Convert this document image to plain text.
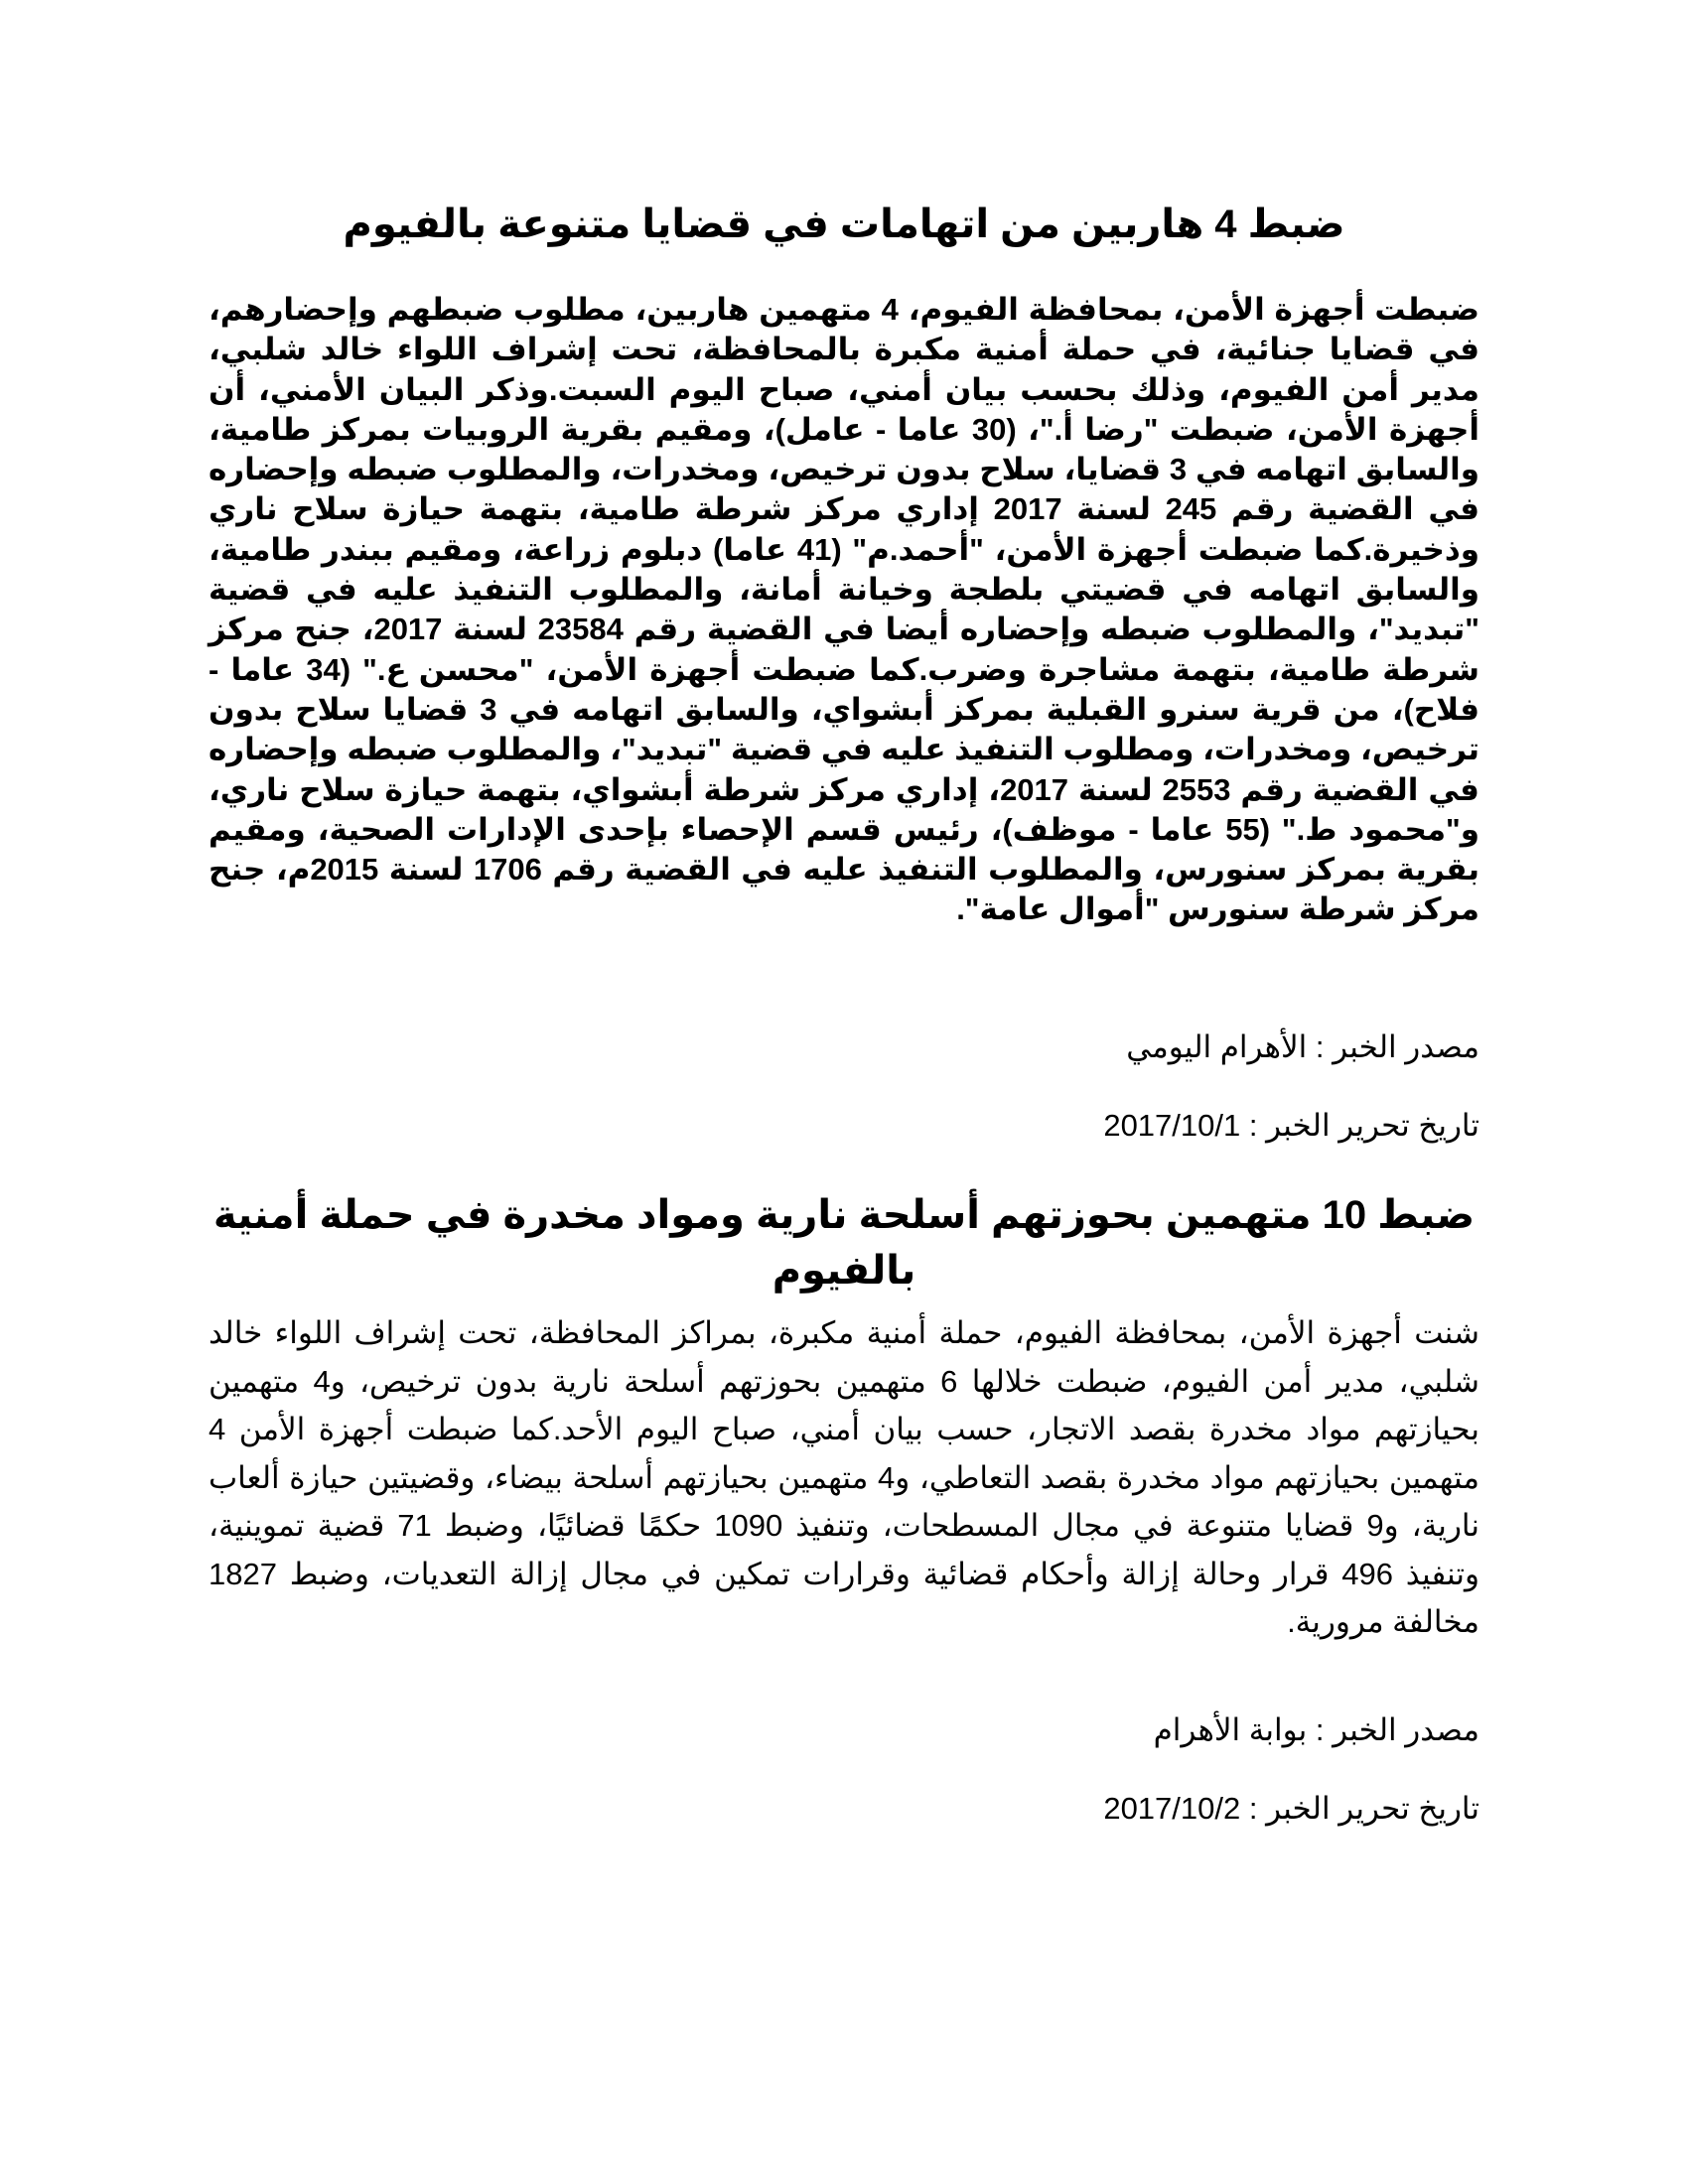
ضبط 4 هاربين من اتهامات في قضايا متنوعة بالفيوم

ضبطت أجهزة الأمن، بمحافظة الفيوم، 4 متهمين هاربين، مطلوب ضبطهم وإحضارهم، في قضايا جنائية، في حملة أمنية مكبرة بالمحافظة، تحت إشراف اللواء خالد شلبي، مدير أمن الفيوم، وذلك بحسب بيان أمني، صباح اليوم السبت.وذكر البيان الأمني، أن أجهزة الأمن، ضبطت "رضا أ."، (30 عاما - عامل)، ومقيم بقرية الروبيات بمركز طامية، والسابق اتهامه في 3 قضايا، سلاح بدون ترخيص، ومخدرات، والمطلوب ضبطه وإحضاره في القضية رقم 245 لسنة 2017 إداري مركز شرطة طامية، بتهمة حيازة سلاح ناري وذخيرة.كما ضبطت أجهزة الأمن، "أحمد.م" (41 عاما) دبلوم زراعة، ومقيم ببندر طامية، والسابق اتهامه في قضيتي بلطجة وخيانة أمانة، والمطلوب التنفيذ عليه في قضية "تبديد"، والمطلوب ضبطه وإحضاره أيضا في القضية رقم 23584 لسنة 2017، جنح مركز شرطة طامية، بتهمة مشاجرة وضرب.كما ضبطت أجهزة الأمن، "محسن ع." (34 عاما - فلاح)، من قرية سنرو القبلية بمركز أبشواي، والسابق اتهامه في 3 قضايا سلاح بدون ترخيص، ومخدرات، ومطلوب التنفيذ عليه في قضية "تبديد"، والمطلوب ضبطه وإحضاره في القضية رقم 2553 لسنة 2017، إداري مركز شرطة أبشواي، بتهمة حيازة سلاح ناري، و"محمود ط." (55 عاما - موظف)، رئيس قسم الإحصاء بإحدى الإدارات الصحية، ومقيم بقرية بمركز سنورس، والمطلوب التنفيذ عليه في القضية رقم 1706 لسنة 2015م، جنح مركز شرطة سنورس "أموال عامة".

مصدر الخبر : الأهرام اليومي

تاريخ تحرير الخبر : 2017/10/1

ضبط 10 متهمين بحوزتهم أسلحة نارية ومواد مخدرة في حملة أمنية بالفيوم

شنت أجهزة الأمن، بمحافظة الفيوم، حملة أمنية مكبرة، بمراكز المحافظة، تحت إشراف اللواء خالد شلبي، مدير أمن الفيوم، ضبطت خلالها 6 متهمين بحوزتهم أسلحة نارية بدون ترخيص، و4 متهمين بحيازتهم مواد مخدرة بقصد الاتجار، حسب بيان أمني، صباح اليوم الأحد.كما ضبطت أجهزة الأمن 4 متهمين بحيازتهم مواد مخدرة بقصد التعاطي، و4 متهمين بحيازتهم أسلحة بيضاء، وقضيتين حيازة ألعاب نارية، و9 قضايا متنوعة في مجال المسطحات، وتنفيذ 1090 حكمًا قضائيًا، وضبط 71 قضية تموينية، وتنفيذ 496 قرار وحالة إزالة وأحكام قضائية وقرارات تمكين في مجال إزالة التعديات، وضبط 1827 مخالفة مرورية.

مصدر الخبر : بوابة الأهرام

تاريخ تحرير الخبر : 2017/10/2
